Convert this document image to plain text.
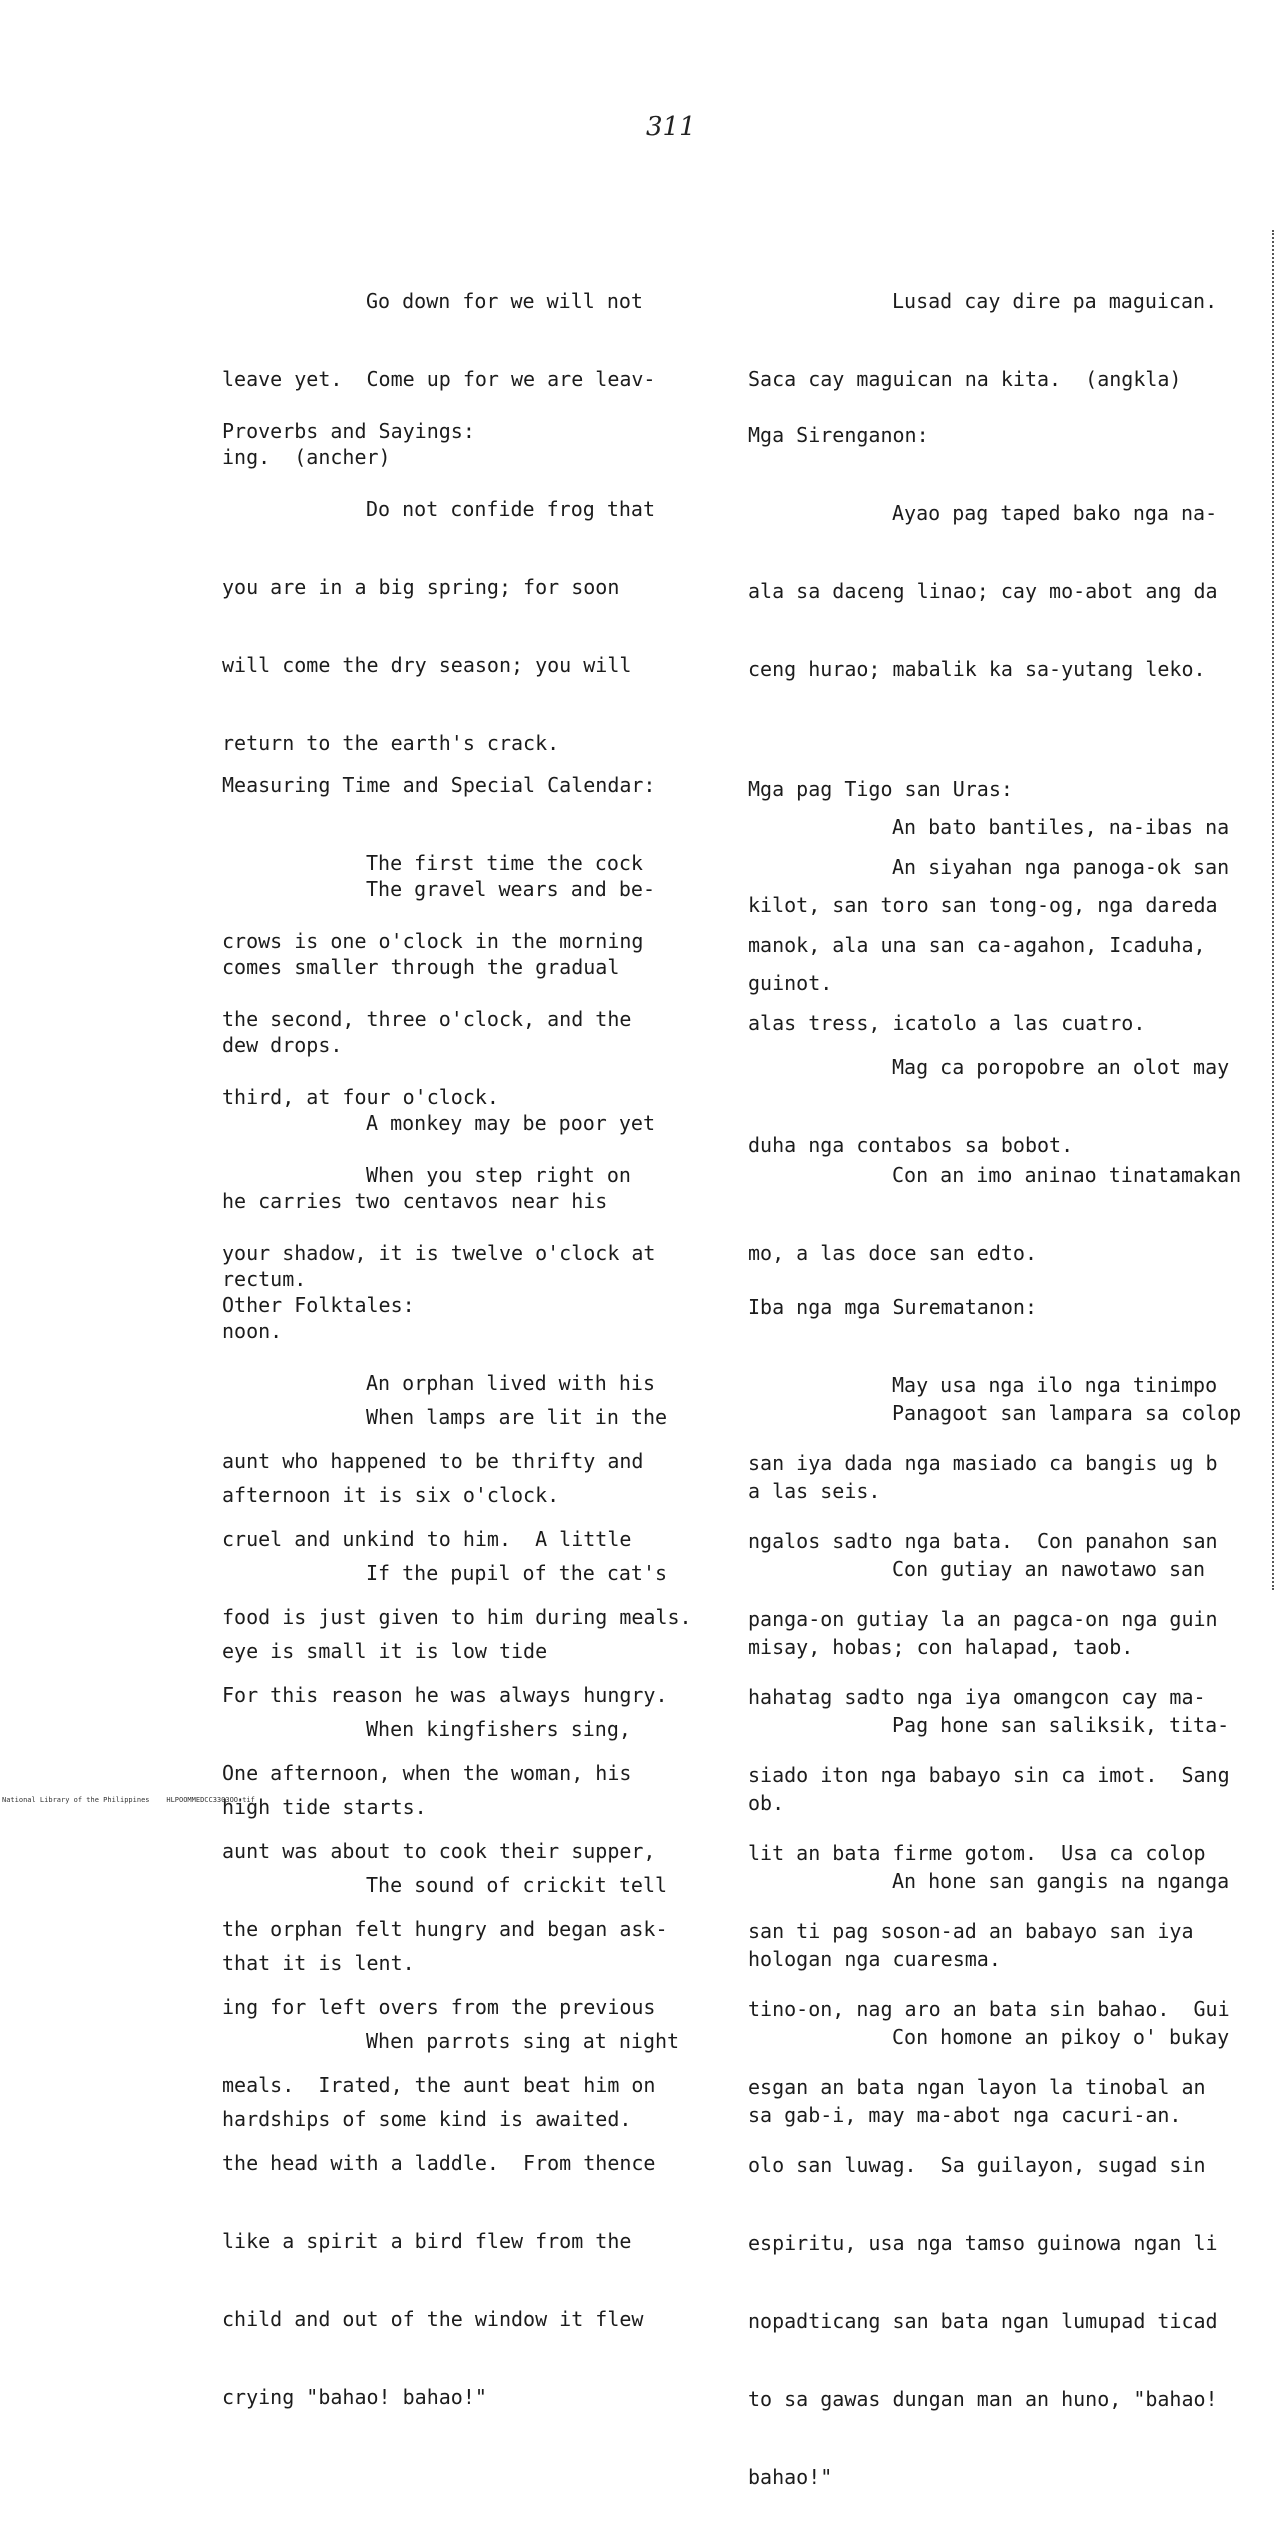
311

Go down for we will not

leave yet.  Come up for we are leav-

ing.  (ancher)

Proverbs and Sayings:

Do not confide frog that

you are in a big spring; for soon

will come the dry season; you will

return to the earth's crack.

The gravel wears and be-

comes smaller through the gradual

dew drops.

A monkey may be poor yet

he carries two centavos near his

rectum.

Measuring Time and Special Calendar:

The first time the cock

crows is one o'clock in the morning

the second, three o'clock, and the

third, at four o'clock.

When you step right on

your shadow, it is twelve o'clock at

noon.

When lamps are lit in the

afternoon it is six o'clock.

If the pupil of the cat's

eye is small it is low tide

When kingfishers sing,

high tide starts.

The sound of crickit tell

that it is lent.

When parrots sing at night

hardships of some kind is awaited.

Other Folktales:

An orphan lived with his

aunt who happened to be thrifty and

cruel and unkind to him.  A little

food is just given to him during meals.

For this reason he was always hungry.

One afternoon, when the woman, his

aunt was about to cook their supper,

the orphan felt hungry and began ask-

ing for left overs from the previous

meals.  Irated, the aunt beat him on

the head with a laddle.  From thence

like a spirit a bird flew from the

child and out of the window it flew

crying "bahao! bahao!"

Lusad cay dire pa maguican.

Saca cay maguican na kita.  (angkla)

Mga Sirenganon:

Ayao pag taped bako nga na-

ala sa daceng linao; cay mo-abot ang da

ceng hurao; mabalik ka sa-yutang leko.

An bato bantiles, na-ibas na

kilot, san toro san tong-og, nga dareda

guinot.

Mag ca poropobre an olot may

duha nga contabos sa bobot.

Mga pag Tigo san Uras:

An siyahan nga panoga-ok san

manok, ala una san ca-agahon, Icaduha,

alas tress, icatolo a las cuatro.

Con an imo aninao tinatamakan

mo, a las doce san edto.

Panagoot san lampara sa colop

a las seis.

Con gutiay an nawotawo san

misay, hobas; con halapad, taob.

Pag hone san saliksik, tita-

ob.

An hone san gangis na nganga

hologan nga cuaresma.

Con homone an pikoy o' bukay

sa gab-i, may ma-abot nga cacuri-an.

Iba nga mga Surematanon:

May usa nga ilo nga tinimpo

san iya dada nga masiado ca bangis ug b

ngalos sadto nga bata.  Con panahon san

panga-on gutiay la an pagca-on nga guin

hahatag sadto nga iya omangcon cay ma-

siado iton nga babayo sin ca imot.  Sang

lit an bata firme gotom.  Usa ca colop

san ti pag soson-ad an babayo san iya

tino-on, nag aro an bata sin bahao.  Gui

esgan an bata ngan layon la tinobal an

olo san luwag.  Sa guilayon, sugad sin

espiritu, usa nga tamso guinowa ngan li

nopadticang san bata ngan lumupad ticad

to sa gawas dungan man an huno, "bahao!

bahao!"

National Library of the Philippines    HLPOOMMEDCC3303OO.tif
